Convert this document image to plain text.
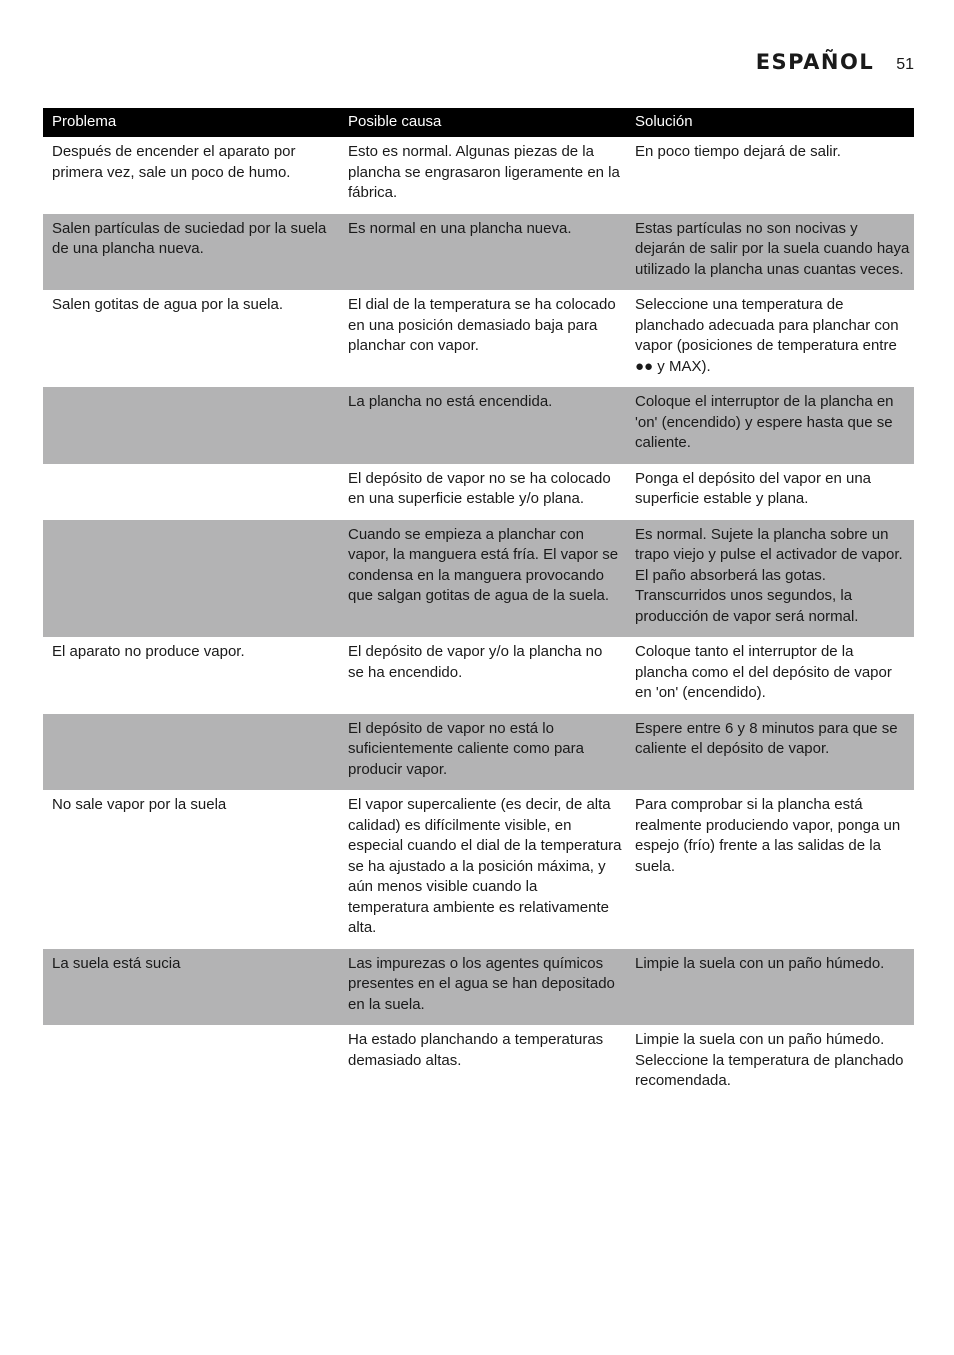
ESPAÑOL 51
Problema	Posible causa	Solución
Después de encender el aparato por primera vez, sale un poco de humo.	Esto es normal. Algunas piezas de la plancha se engrasaron ligeramente en la fábrica.	En poco tiempo dejará de salir.
Salen partículas de suciedad por la suela de una plancha nueva.	Es normal en una plancha nueva.	Estas partículas no son nocivas y dejarán de salir por la suela cuando haya utilizado la plancha unas cuantas veces.
Salen gotitas de agua por la suela.	El dial de la temperatura se ha colocado en una posición demasiado baja para planchar con vapor.	Seleccione una temperatura de planchado adecuada para planchar con vapor (posiciones de temperatura entre ●● y MAX).
	La plancha no está encendida.	Coloque el interruptor de la plancha en 'on' (encendido) y espere hasta que se caliente.
	El depósito de vapor no se ha colocado en una superficie estable y/o plana.	Ponga el depósito del vapor en una superficie estable y plana.
	Cuando se empieza a planchar con vapor, la manguera está fría. El vapor se condensa en la manguera provocando que salgan gotitas de agua de la suela.	Es normal. Sujete la plancha sobre un trapo viejo y pulse el activador de vapor. El paño absorberá las gotas. Transcurridos unos segundos, la producción de vapor será normal.
El aparato no produce vapor.	El depósito de vapor y/o la plancha no se ha encendido.	Coloque tanto el interruptor de la plancha como el del depósito de vapor en 'on' (encendido).
	El depósito de vapor no está lo suficientemente caliente como para producir vapor.	Espere entre 6 y 8 minutos para que se caliente el depósito de vapor.
No sale vapor por la suela	El vapor supercaliente (es decir, de alta calidad) es difícilmente visible, en especial cuando el dial de la temperatura se ha ajustado a la posición máxima, y aún menos visible cuando la temperatura ambiente es relativamente alta.	Para comprobar si la plancha está realmente produciendo vapor, ponga un espejo (frío) frente a las salidas de la suela.
La suela está sucia	Las impurezas o los agentes químicos presentes en el agua se han depositado en la suela.	Limpie la suela con un paño húmedo.
	Ha estado planchando a temperaturas demasiado altas.	Limpie la suela con un paño húmedo. Seleccione la temperatura de planchado recomendada.
